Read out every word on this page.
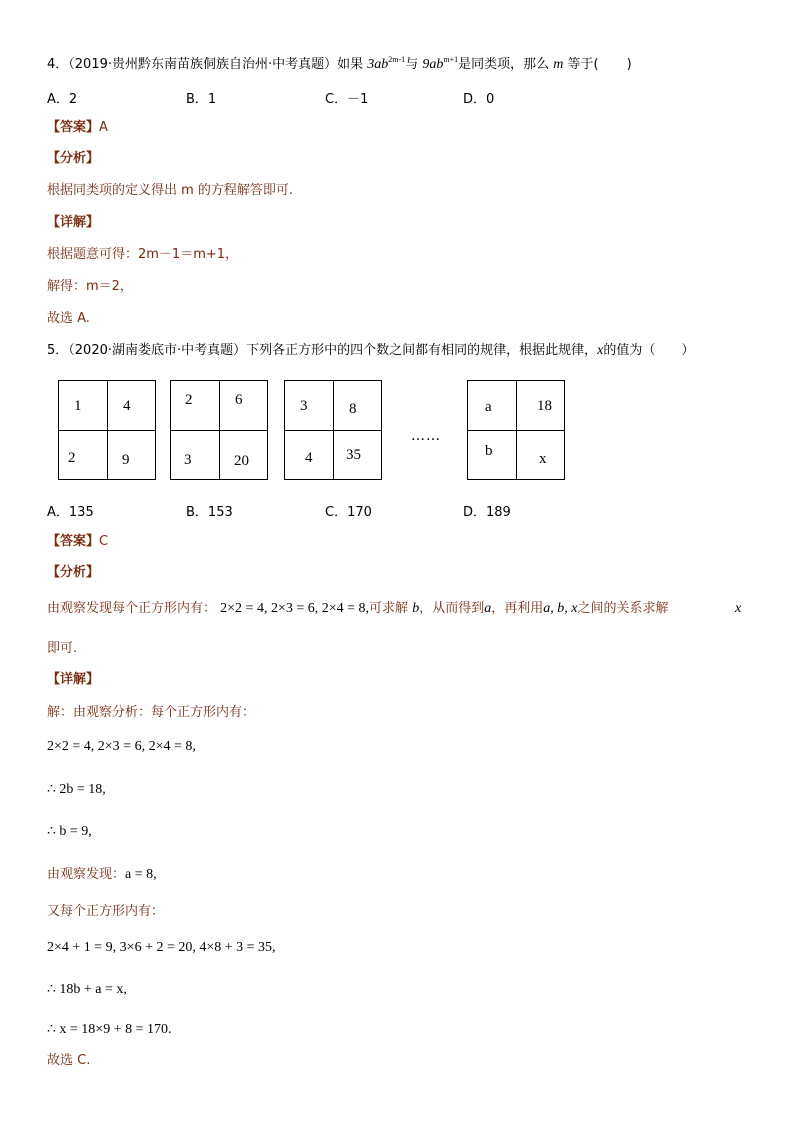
4．（2019·贵州黔东南苗族侗族自治州·中考真题）如果 $3ab^{2m-1}$与 $9ab^{m+1}$是同类项，那么 m 等于( )
A．2	B．1	C．－1	D．0
【答案】A
【分析】
根据同类项的定义得出 m 的方程解答即可.
【详解】
根据题意可得：2m－1＝m+1，
解得：m＝2，
故选 A.
5．（2020·湖南娄底市·中考真题）下列各正方形中的四个数之间都有相同的规律，根据此规律，x的值为（　　）
1	4
2	9
2	6
3	20
3	8
4 35
……
a	18
b	x
A．135	B．153	C．170	D．189
【答案】C
【分析】
由观察发现每个正方形内有： 2×2 = 4, 2×3 = 6, 2×4 = 8,可求解 b，从而得到a，再利用a, b, x之间的关系求解	x
即可.
【详解】
解：由观察分析：每个正方形内有：
2×2 = 4, 2×3 = 6, 2×4 = 8,
∴ 2b = 18,
∴ b = 9,
由观察发现：a = 8,
又每个正方形内有：
2×4 + 1 = 9, 3×6 + 2 = 20, 4×8 + 3 = 35,
∴ 18b + a = x,
∴ x = 18×9 + 8 = 170.
故选 C.
